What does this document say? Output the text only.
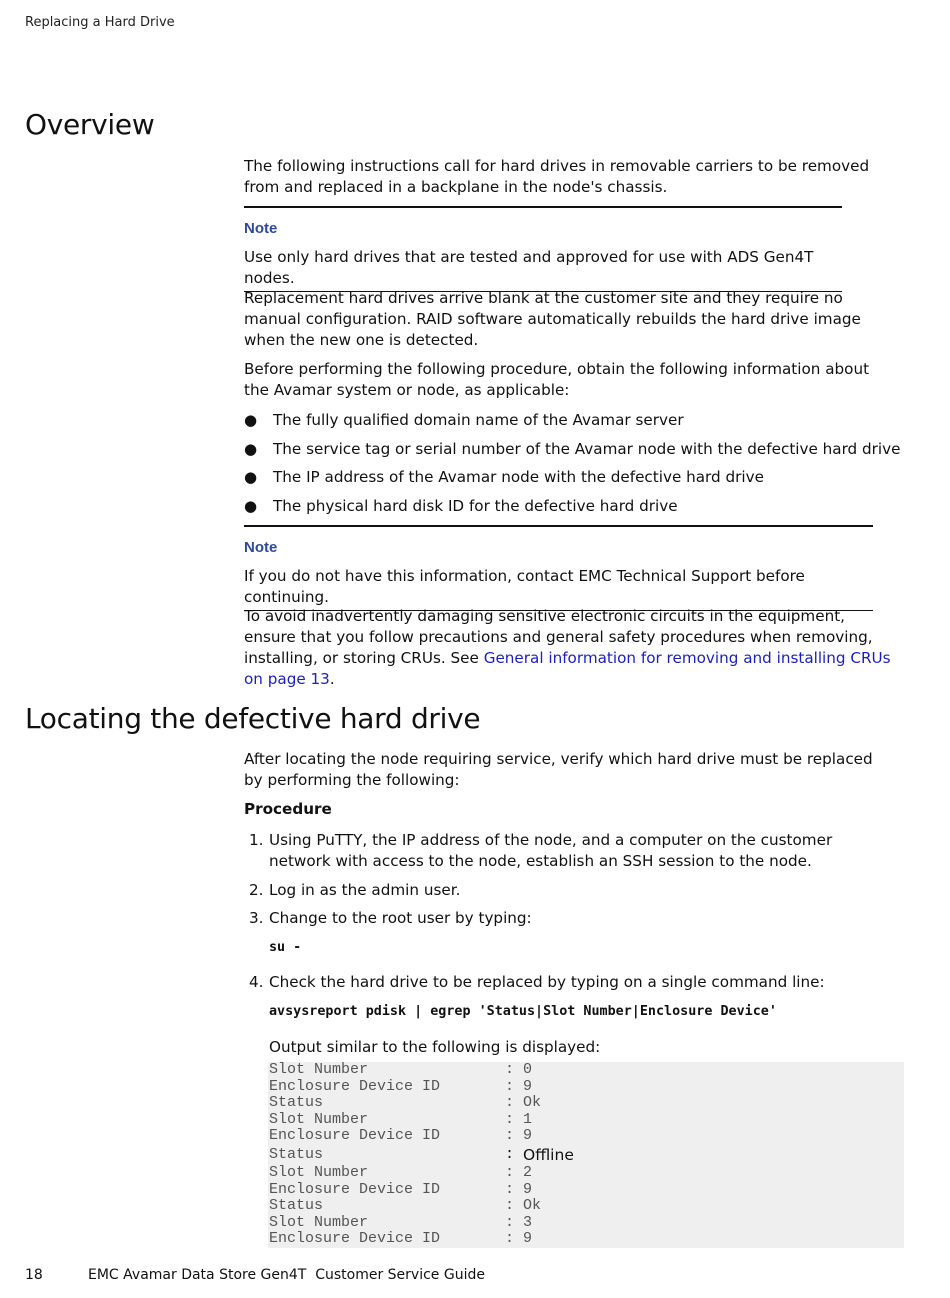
Replacing a Hard Drive
Overview

The following instructions call for hard drives in removable carriers to be removed from and replaced in a backplane in the node's chassis.

Note
Use only hard drives that are tested and approved for use with ADS Gen4T nodes.

Replacement hard drives arrive blank at the customer site and they require no manual configuration. RAID software automatically rebuilds the hard drive image when the new one is detected.

Before performing the following procedure, obtain the following information about the Avamar system or node, as applicable:

● The fully qualified domain name of the Avamar server
● The service tag or serial number of the Avamar node with the defective hard drive
● The IP address of the Avamar node with the defective hard drive
● The physical hard disk ID for the defective hard drive
Note
If you do not have this information, contact EMC Technical Support before continuing.

To avoid inadvertently damaging sensitive electronic circuits in the equipment, ensure that you follow precautions and general safety procedures when removing, installing, or storing CRUs. See General information for removing and installing CRUs on page 13.

Locating the defective hard drive

After locating the node requiring service, verify which hard drive must be replaced by performing the following:

Procedure
1. Using PuTTY, the IP address of the node, and a computer on the customer network with access to the node, establish an SSH session to the node.
2. Log in as the admin user.
3. Change to the root user by typing:
su -
4. Check the hard drive to be replaced by typing on a single command line:
avsysreport pdisk | egrep 'Status|Slot Number|Enclosure Device'
Output similar to the following is displayed:
Slot Number	: 0
Enclosure Device ID	: 9
Status	: Ok
Slot Number	: 1
Enclosure Device ID	: 9
Status	: Offline
Slot Number	: 2
Enclosure Device ID	: 9
Status	: Ok
Slot Number	: 3
Enclosure Device ID	: 9
18	EMC Avamar Data Store Gen4T  Customer Service Guide
